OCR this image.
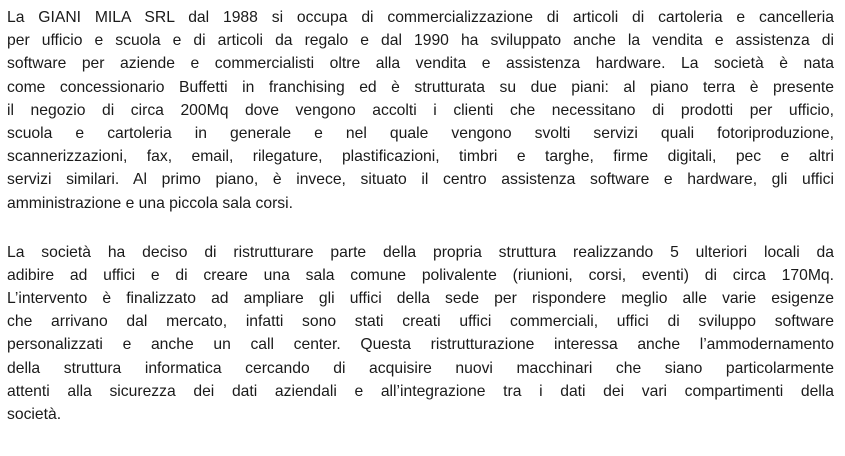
La GIANI MILA SRL dal 1988 si occupa di commercializzazione di articoli di cartoleria e cancelleria
per ufficio e scuola e di articoli da regalo e dal 1990 ha sviluppato anche la vendita e assistenza di
software per aziende e commercialisti oltre alla vendita e assistenza hardware. La società è nata
come concessionario Buffetti in franchising ed è strutturata su due piani: al piano terra è presente
il negozio di circa 200Mq dove vengono accolti i clienti che necessitano di prodotti per ufficio,
scuola e cartoleria in generale e nel quale vengono svolti servizi quali fotoriproduzione,
scannerizzazioni, fax, email, rilegature, plastificazioni, timbri e targhe, firme digitali, pec e altri
servizi similari. Al primo piano, è invece, situato il centro assistenza software e hardware, gli uffici
amministrazione e una piccola sala corsi.
La società ha deciso di ristrutturare parte della propria struttura realizzando 5 ulteriori locali da
adibire ad uffici e di creare una sala comune polivalente (riunioni, corsi, eventi) di circa 170Mq.
L’intervento è finalizzato ad ampliare gli uffici della sede per rispondere meglio alle varie esigenze
che arrivano dal mercato, infatti sono stati creati uffici commerciali, uffici di sviluppo software
personalizzati e anche un call center. Questa ristrutturazione interessa anche l’ammodernamento
della struttura informatica cercando di acquisire nuovi macchinari che siano particolarmente
attenti alla sicurezza dei dati aziendali e all’integrazione tra i dati dei vari compartimenti della
società.
